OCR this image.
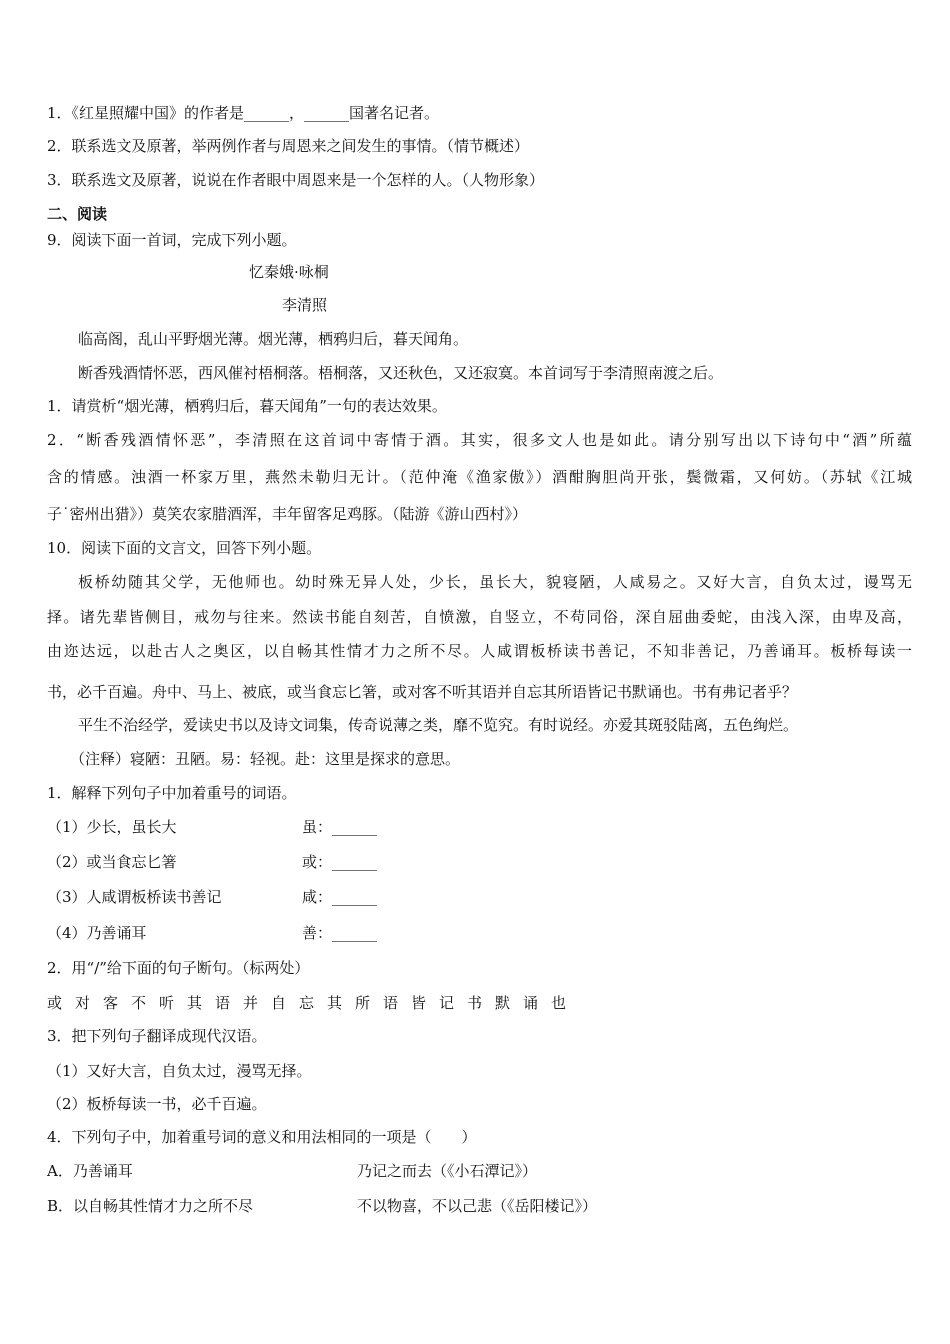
1．《红星照耀中国》的作者是______，______国著名记者。
2．联系选文及原著，举两例作者与周恩来之间发生的事情。（情节概述）
3．联系选文及原著，说说在作者眼中周恩来是一个怎样的人。（人物形象）
二、阅读
9．阅读下面一首词，完成下列小题。
忆秦娥·咏桐
李清照
临高阁，乱山平野烟光薄。烟光薄，栖鸦归后，暮天闻角。
断香残酒情怀恶，西风催衬梧桐落。梧桐落，又还秋色，又还寂寞。本首词写于李清照南渡之后。
1．请赏析“烟光薄，栖鸦归后，暮天闻角”一句的表达效果。
2．“断香残酒情怀恶”，李清照在这首词中寄情于酒。其实，很多文人也是如此。请分别写出以下诗句中“酒”所蕴
含的情感。浊酒一杯家万里，燕然未勒归无计。（范仲淹《渔家傲》）酒酣胸胆尚开张，鬓微霜，又何妨。（苏轼《江城
子˙密州出猎》）莫笑农家腊酒浑，丰年留客足鸡豚。（陆游《游山西村》）
10．阅读下面的文言文，回答下列小题。
板桥幼随其父学，无他师也。幼时殊无异人处，少长，虽长大，貌寝陋，人咸易之。又好大言，自负太过，谩骂无
择。诸先辈皆侧目，戒勿与往来。然读书能自刻苦，自愤激，自竖立，不苟同俗，深自屈曲委蛇，由浅入深，由卑及高，
由迩达远，以赴古人之奥区，以自畅其性情才力之所不尽。人咸谓板桥读书善记，不知非善记，乃善诵耳。板桥每读一
书，必千百遍。舟中、马上、被底，或当食忘匕箸，或对客不听其语并自忘其所语皆记书默诵也。书有弗记者乎？
平生不治经学，爱读史书以及诗文词集，传奇说薄之类，靡不览究。有时说经。亦爱其斑驳陆离，五色绚烂。
（注释）寝陋：丑陋。易：轻视。赴：这里是探求的意思。
1．解释下列句子中加着重号的词语。
（1）少长，虽长大	虽：______
（2）或当食忘匕箸	或：______
（3）人咸谓板桥读书善记	咸：______
（4）乃善诵耳	善：______
2．用“/”给下面的句子断句。（标两处）
或对客不听其语并自忘其所语皆记书默诵也
3．把下列句子翻译成现代汉语。
（1）又好大言，自负太过，漫骂无择。
（2）板桥每读一书，必千百遍。
4．下列句子中，加着重号词的意义和用法相同的一项是（　　）
A．乃善诵耳	乃记之而去（《小石潭记》）
B．以自畅其性情才力之所不尽	不以物喜，不以己悲（《岳阳楼记》）
